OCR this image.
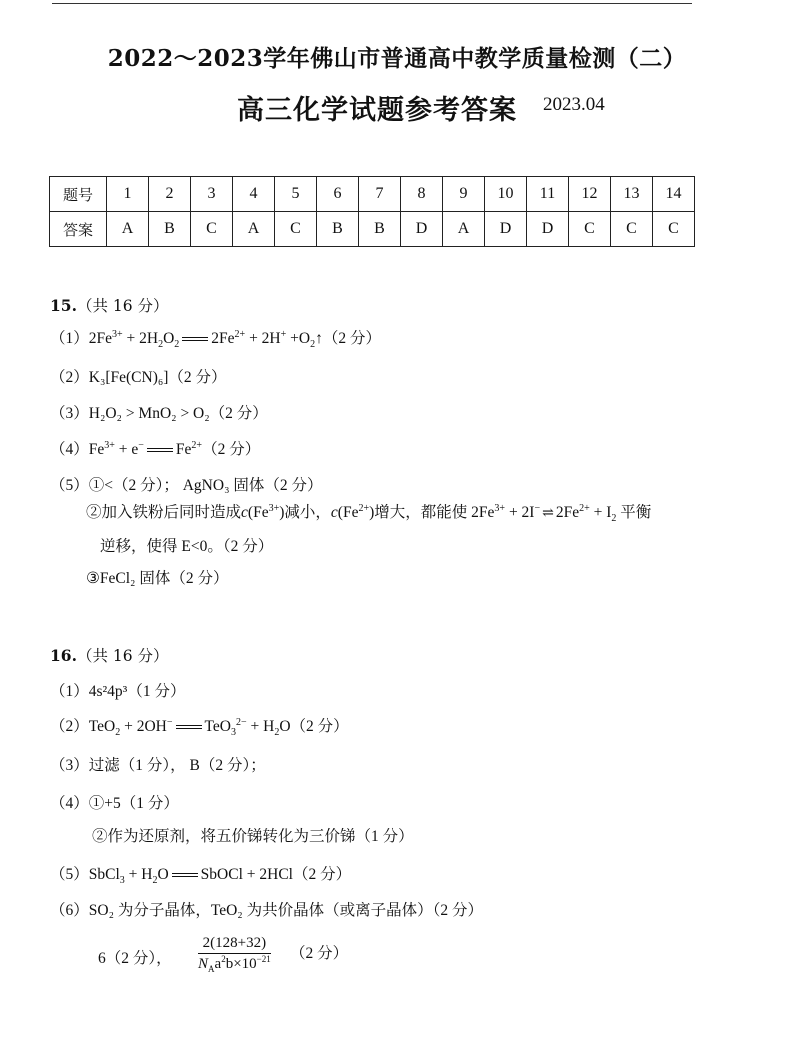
2022～2023学年佛山市普通高中教学质量检测（二）
高三化学试题参考答案 2023.04
题号	1	2	3	4	5	6	7	8	9	10	11	12	13	14
答案	A	B	C	A	C	B	B	D	A	D	D	C	C	C
15.（共 16 分）
$(1)2Fe^{3+} + 2H_2O_2$ $2Fe^{2+} + 2H^+$ $+O_2↑(2$ 分）
（2）K₃[Fe(CN)₆]（2 分）
（3）H₂O₂ > MnO₂ > O₂（2 分）
$(4)Fe^{3+} + e^-$ $Fe^{2+}(2$ 分）
（5）①<（2 分）； AgNO₃ 固体（2 分）
②加入铁粉后同时造成$c(Fe^{3+})$减小，$c(Fe^{2+})$增大，都能使 $2Fe^{3+} + 2I^-$ ⇌ $2Fe^{2+} + I_2$ 平衡
逆移，使得 E<0。（2 分）
③FeCl₂ 固体（2 分）
16.（共 16 分）
（1）4s²4p³（1 分）
（2）TeO$_2$ + 2OH− $TeO_3^{2-} + H_2O(2$ 分）
（3）过滤（1 分）， B（2 分）；
（4）①+5（1 分）
②作为还原剂，将五价锑转化为三价锑（1 分）
（5）SbCl$_3$ + $H_2O$ SbOCl + 2HCl（2 分）
（6）SO₂ 为分子晶体，TeO₂ 为共价晶体（或离子晶体）（2 分）
6（2 分），
2(128+32)
$N_Aa^2b\times 10^{-21}$ （2 分）
